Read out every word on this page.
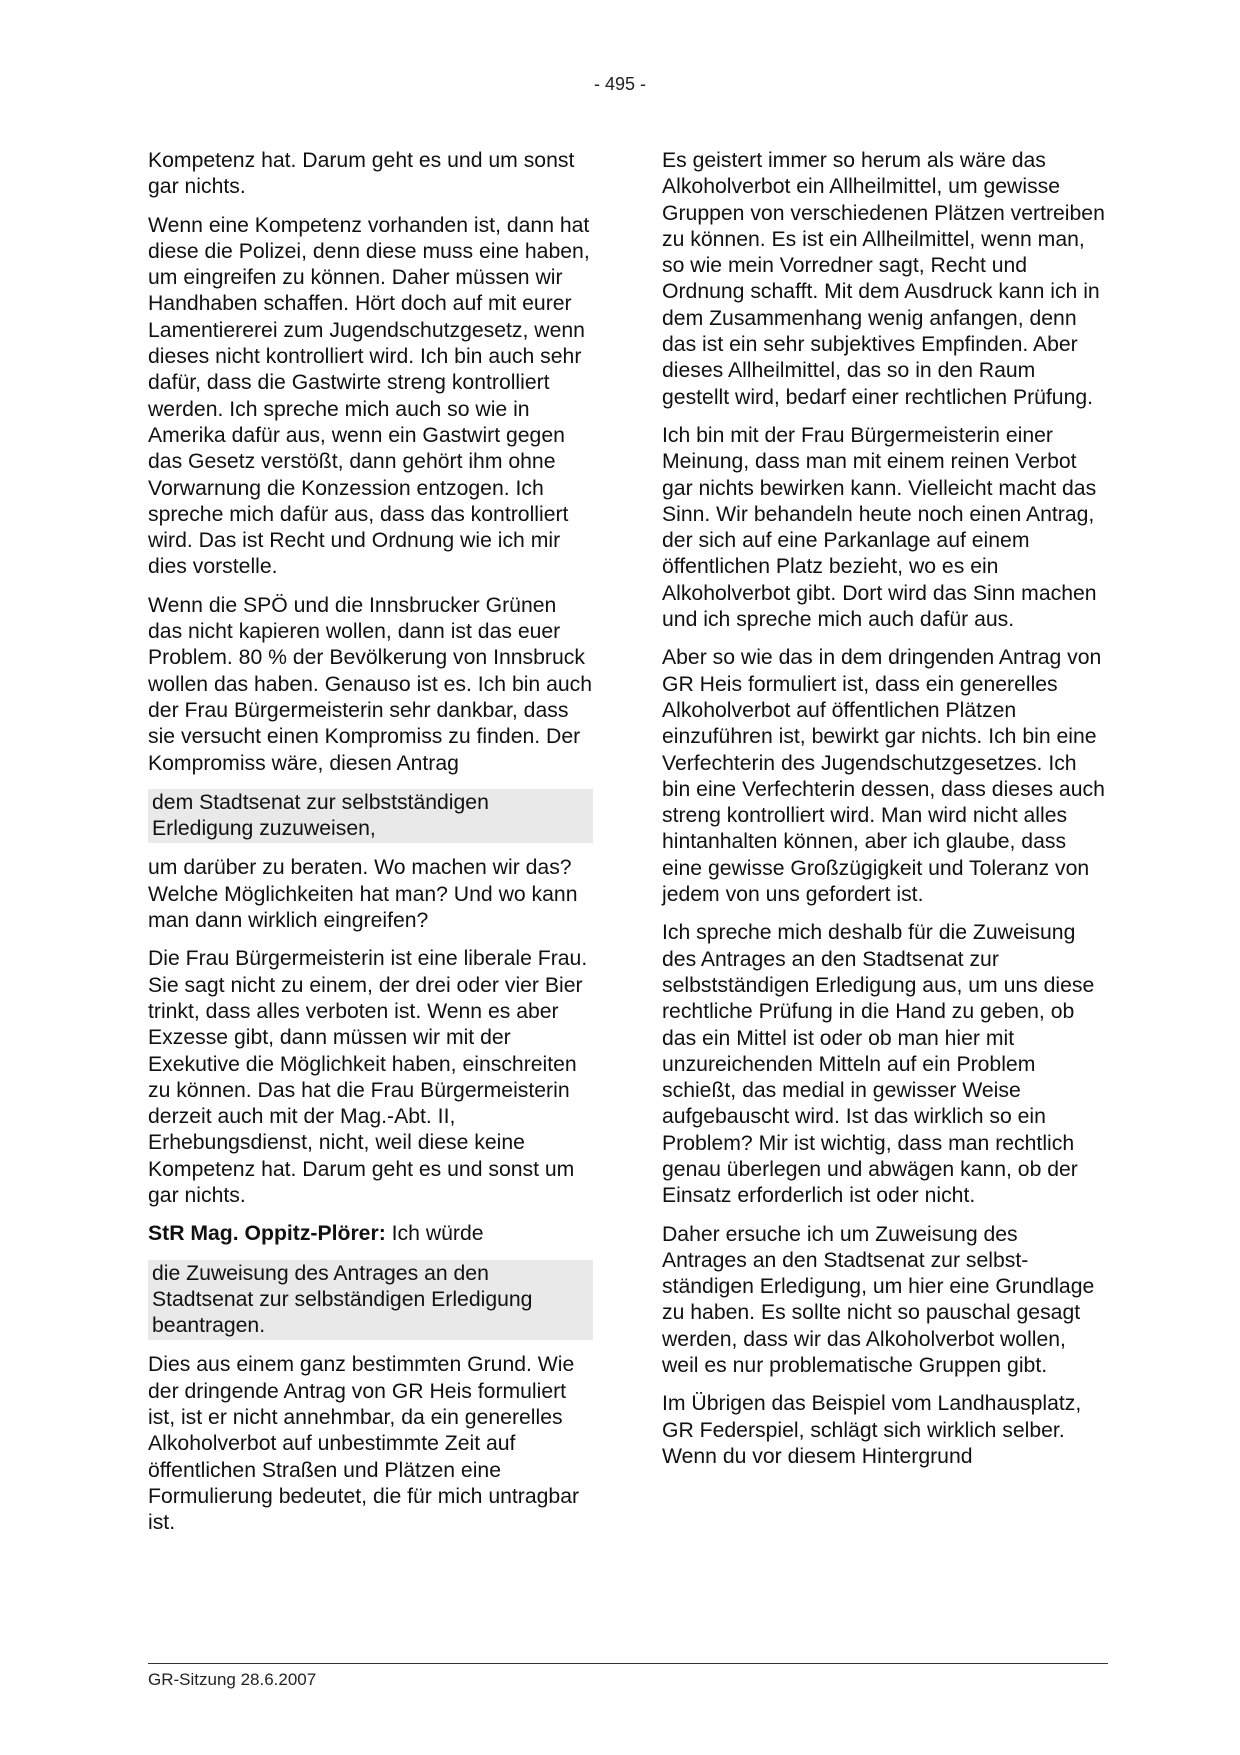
- 495 -

Kompetenz hat. Darum geht es und um sonst gar nichts.

Wenn eine Kompetenz vorhanden ist, dann hat diese die Polizei, denn diese muss eine haben, um eingreifen zu können. Daher müssen wir Handhaben schaffen. Hört doch auf mit eurer Lamentiererei zum Jugendschutzgesetz, wenn dieses nicht kontrolliert wird. Ich bin auch sehr dafür, dass die Gastwirte streng kontrolliert werden. Ich spreche mich auch so wie in Amerika dafür aus, wenn ein Gastwirt gegen das Gesetz verstößt, dann gehört ihm ohne Vorwarnung die Konzession entzogen. Ich spreche mich dafür aus, dass das kontrolliert wird. Das ist Recht und Ordnung wie ich mir dies vorstelle.

Wenn die SPÖ und die Innsbrucker Grünen das nicht kapieren wollen, dann ist das euer Problem. 80 % der Bevölkerung von Innsbruck wollen das haben. Genauso ist es. Ich bin auch der Frau Bürgermeisterin sehr dankbar, dass sie versucht einen Kompromiss zu finden. Der Kompromiss wäre, diesen Antrag

dem Stadtsenat zur selbstständigen Erledigung zuzuweisen,

um darüber zu beraten. Wo machen wir das? Welche Möglichkeiten hat man? Und wo kann man dann wirklich eingreifen?

Die Frau Bürgermeisterin ist eine liberale Frau. Sie sagt nicht zu einem, der drei oder vier Bier trinkt, dass alles verboten ist. Wenn es aber Exzesse gibt, dann müssen wir mit der Exekutive die Möglichkeit haben, einschreiten zu können. Das hat die Frau Bürgermeisterin derzeit auch mit der Mag.-Abt. II, Erhebungsdienst, nicht, weil diese keine Kompetenz hat. Darum geht es und sonst um gar nichts.

StR Mag. Oppitz-Plörer: Ich würde

die Zuweisung des Antrages an den Stadtsenat zur selbständigen Erledigung beantragen.

Dies aus einem ganz bestimmten Grund. Wie der dringende Antrag von GR Heis formuliert ist, ist er nicht annehmbar, da ein generelles Alkoholverbot auf unbestimmte Zeit auf öffentlichen Straßen und Plätzen eine Formulierung bedeutet, die für mich untragbar ist.

Es geistert immer so herum als wäre das Alkoholverbot ein Allheilmittel, um gewisse Gruppen von verschiedenen Plätzen vertreiben zu können. Es ist ein Allheilmittel, wenn man, so wie mein Vorredner sagt, Recht und Ordnung schafft. Mit dem Ausdruck kann ich in dem Zusammenhang wenig anfangen, denn das ist ein sehr subjektives Empfinden. Aber dieses Allheilmittel, das so in den Raum gestellt wird, bedarf einer rechtlichen Prüfung.

Ich bin mit der Frau Bürgermeisterin einer Meinung, dass man mit einem reinen Verbot gar nichts bewirken kann. Vielleicht macht das Sinn. Wir behandeln heute noch einen Antrag, der sich auf eine Parkanlage auf einem öffentlichen Platz bezieht, wo es ein Alkoholverbot gibt. Dort wird das Sinn machen und ich spreche mich auch dafür aus.

Aber so wie das in dem dringenden Antrag von GR Heis formuliert ist, dass ein generelles Alkoholverbot auf öffentlichen Plätzen einzuführen ist, bewirkt gar nichts. Ich bin eine Verfechterin des Jugendschutzgesetzes. Ich bin eine Verfechterin dessen, dass dieses auch streng kontrolliert wird. Man wird nicht alles hintanhalten können, aber ich glaube, dass eine gewisse Großzügigkeit und Toleranz von jedem von uns gefordert ist.

Ich spreche mich deshalb für die Zuweisung des Antrages an den Stadtsenat zur selbstständigen Erledigung aus, um uns diese rechtliche Prüfung in die Hand zu geben, ob das ein Mittel ist oder ob man hier mit unzureichenden Mitteln auf ein Problem schießt, das medial in gewisser Weise aufgebauscht wird. Ist das wirklich so ein Problem? Mir ist wichtig, dass man rechtlich genau überlegen und abwägen kann, ob der Einsatz erforderlich ist oder nicht.

Daher ersuche ich um Zuweisung des Antrages an den Stadtsenat zur selbstständigen Erledigung, um hier eine Grundlage zu haben. Es sollte nicht so pauschal gesagt werden, dass wir das Alkoholverbot wollen, weil es nur problematische Gruppen gibt.

Im Übrigen das Beispiel vom Landhausplatz, GR Federspiel, schlägt sich wirklich selber. Wenn du vor diesem Hintergrund

GR-Sitzung 28.6.2007
